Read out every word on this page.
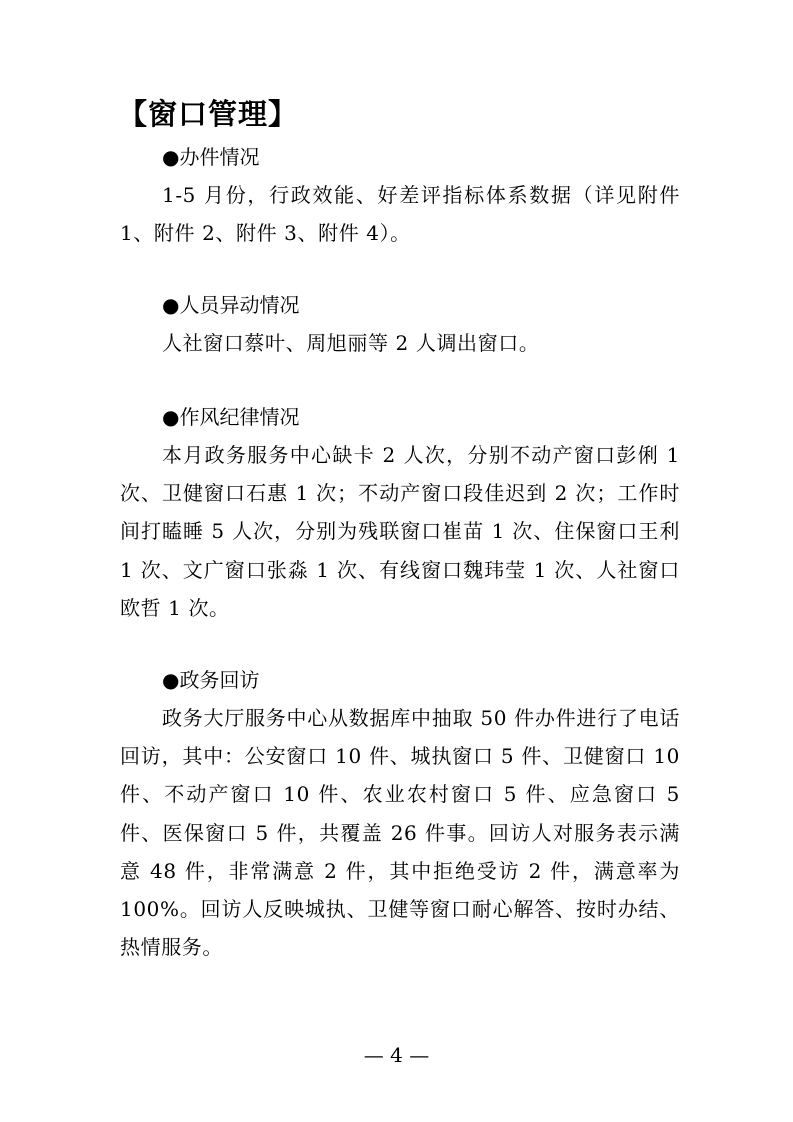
【窗口管理】
●办件情况

1-5 月份，行政效能、好差评指标体系数据（详见附件 1、附件 2、附件 3、附件 4）。

●人员异动情况

人社窗口蔡叶、周旭丽等 2 人调出窗口。

●作风纪律情况

本月政务服务中心缺卡 2 人次，分别不动产窗口彭俐 1 次、卫健窗口石惠 1 次；不动产窗口段佳迟到 2 次；工作时间打瞌睡 5 人次，分别为残联窗口崔苗 1 次、住保窗口王利 1 次、文广窗口张淼 1 次、有线窗口魏玮莹 1 次、人社窗口欧哲 1 次。

●政务回访

政务大厅服务中心从数据库中抽取 50 件办件进行了电话回访，其中：公安窗口 10 件、城执窗口 5 件、卫健窗口 10 件、不动产窗口 10 件、农业农村窗口 5 件、应急窗口 5 件、医保窗口 5 件，共覆盖 26 件事。回访人对服务表示满意 48 件，非常满意 2 件，其中拒绝受访 2 件，满意率为 100%。回访人反映城执、卫健等窗口耐心解答、按时办结、热情服务。

— 4 —
